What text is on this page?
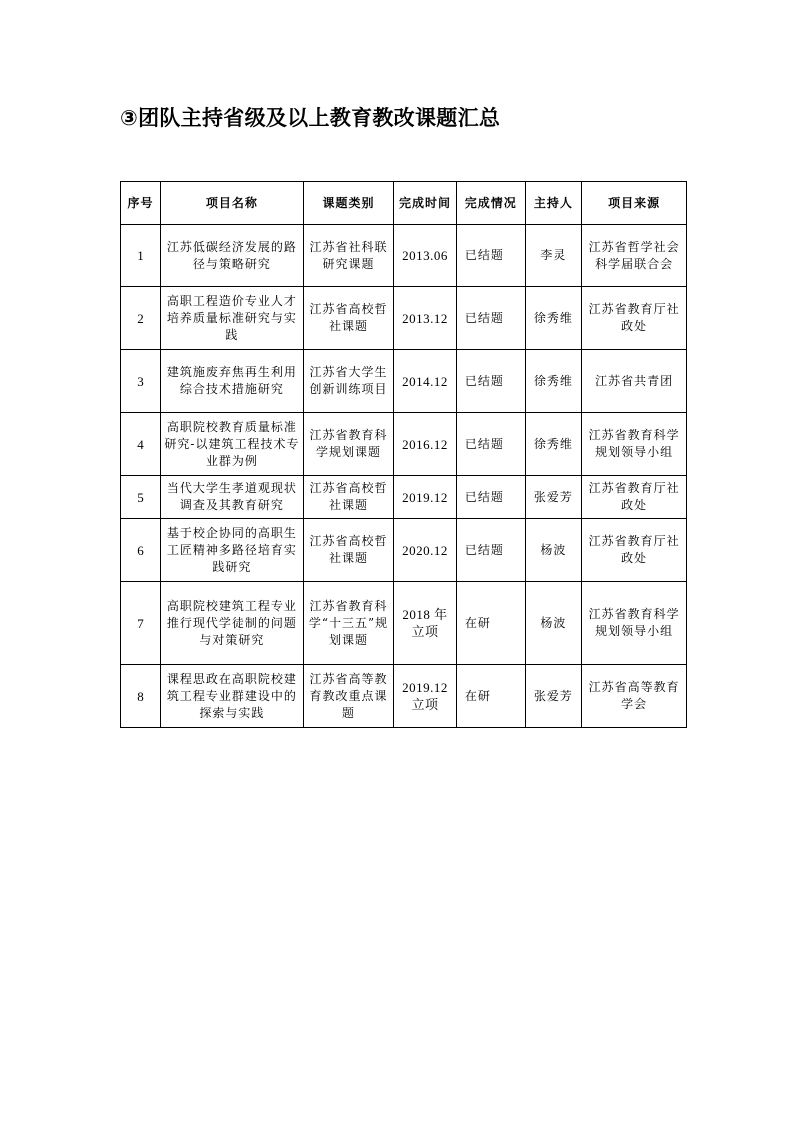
③团队主持省级及以上教育教改课题汇总
序号	项目名称	课题类别	完成时间	完成情况	主持人	项目来源
1	江苏低碳经济发展的路径与策略研究	江苏省社科联研究课题	2013.06	已结题	李灵	江苏省哲学社会科学届联合会
2	高职工程造价专业人才培养质量标准研究与实践	江苏省高校哲社课题	2013.12	已结题	徐秀维	江苏省教育厅社政处
3	建筑施废弃焦再生利用综合技术措施研究	江苏省大学生创新训练项目	2014.12	已结题	徐秀维	江苏省共青团
4	高职院校教育质量标准研究-以建筑工程技术专业群为例	江苏省教育科学规划课题	2016.12	已结题	徐秀维	江苏省教育科学规划领导小组
5	当代大学生孝道观现状调查及其教育研究	江苏省高校哲社课题	2019.12	已结题	张爱芳	江苏省教育厅社政处
6	基于校企协同的高职生工匠精神多路径培育实践研究	江苏省高校哲社课题	2020.12	已结题	杨波	江苏省教育厅社政处
7	高职院校建筑工程专业推行现代学徒制的问题与对策研究	江苏省教育科学“十三五”规划课题	2018 年立项	在研	杨波	江苏省教育科学规划领导小组
8	课程思政在高职院校建筑工程专业群建设中的探索与实践	江苏省高等教育教改重点课题	2019.12 立项	在研	张爱芳	江苏省高等教育学会
